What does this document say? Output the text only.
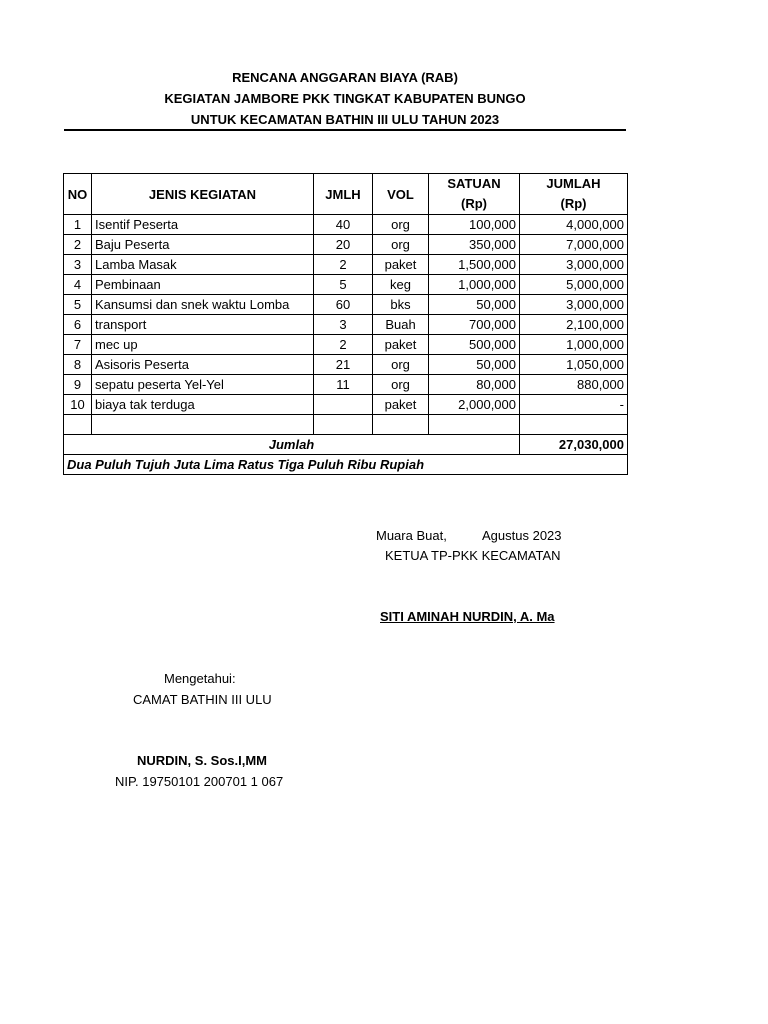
RENCANA ANGGARAN BIAYA (RAB)
KEGIATAN JAMBORE PKK TINGKAT KABUPATEN BUNGO
UNTUK KECAMATAN BATHIN III ULU TAHUN 2023
NO	JENIS KEGIATAN	JMLH	VOL	SATUAN	JUMLAH
				(Rp)	(Rp)
1	Isentif Peserta	40	org	100,000	4,000,000
2	Baju Peserta	20	org	350,000	7,000,000
3	Lamba Masak	2	paket	1,500,000	3,000,000
4	Pembinaan	5	keg	1,000,000	5,000,000
5	Kansumsi dan snek waktu Lomba	60	bks	50,000	3,000,000
6	transport	3	Buah	700,000	2,100,000
7	mec up	2	paket	500,000	1,000,000
8	Asisoris Peserta	21	org	50,000	1,050,000
9	sepatu peserta Yel-Yel	11	org	80,000	880,000
10	biaya tak terduga		paket	2,000,000	-

Jumlah					27,030,000
Dua Puluh Tujuh Juta Lima Ratus Tiga Puluh Ribu Rupiah					
Muara Buat,	Agustus 2023
KETUA TP-PKK KECAMATAN
SITI AMINAH NURDIN, A. Ma
Mengetahui:
CAMAT BATHIN III ULU
NURDIN, S. Sos.I,MM
NIP. 19750101 200701 1 067
